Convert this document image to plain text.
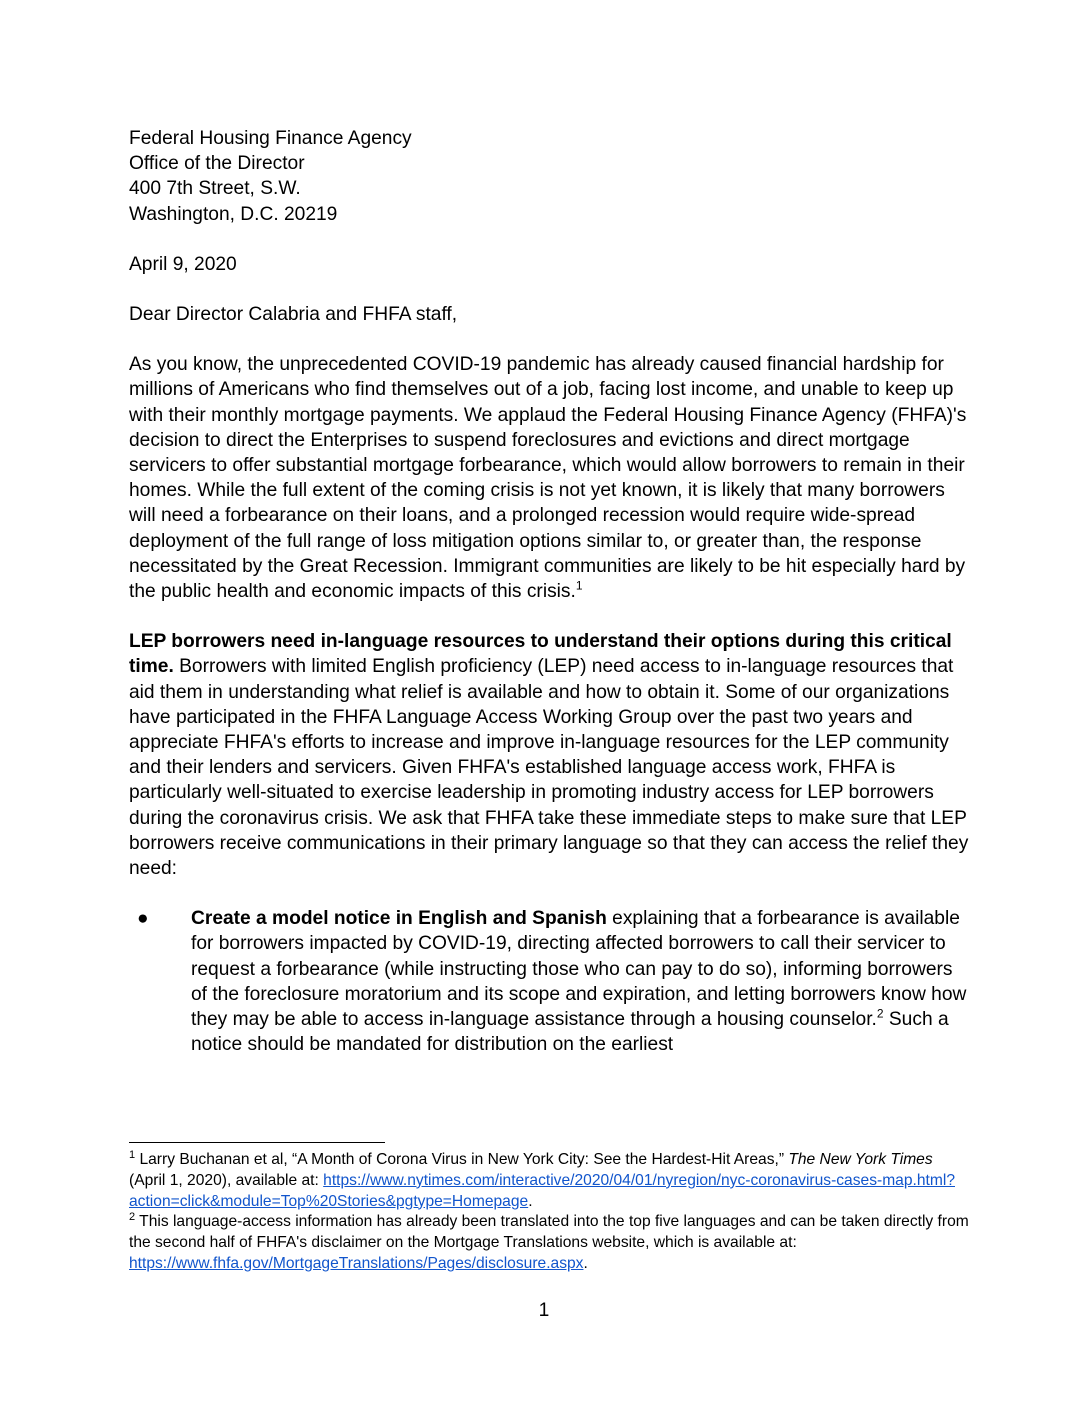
Federal Housing Finance Agency
Office of the Director
400 7th Street, S.W.
Washington, D.C. 20219

April 9, 2020

Dear Director Calabria and FHFA staff,

As you know, the unprecedented COVID-19 pandemic has already caused financial hardship for millions of Americans who find themselves out of a job, facing lost income, and unable to keep up with their monthly mortgage payments. We applaud the Federal Housing Finance Agency (FHFA)'s decision to direct the Enterprises to suspend foreclosures and evictions and direct mortgage servicers to offer substantial mortgage forbearance, which would allow borrowers to remain in their homes. While the full extent of the coming crisis is not yet known, it is likely that many borrowers will need a forbearance on their loans, and a prolonged recession would require wide-spread deployment of the full range of loss mitigation options similar to, or greater than, the response necessitated by the Great Recession. Immigrant communities are likely to be hit especially hard by the public health and economic impacts of this crisis.$^1$

LEP borrowers need in-language resources to understand their options during this critical time. Borrowers with limited English proficiency (LEP) need access to in-language resources that aid them in understanding what relief is available and how to obtain it. Some of our organizations have participated in the FHFA Language Access Working Group over the past two years and appreciate FHFA's efforts to increase and improve in-language resources for the LEP community and their lenders and servicers. Given FHFA's established language access work, FHFA is particularly well-situated to exercise leadership in promoting industry access for LEP borrowers during the coronavirus crisis. We ask that FHFA take these immediate steps to make sure that LEP borrowers receive communications in their primary language so that they can access the relief they need:

● Create a model notice in English and Spanish explaining that a forbearance is available for borrowers impacted by COVID-19, directing affected borrowers to call their servicer to request a forbearance (while instructing those who can pay to do so), informing borrowers of the foreclosure moratorium and its scope and expiration, and letting borrowers know how they may be able to access in-language assistance through a housing counselor.$^2$ Such a notice should be mandated for distribution on the earliest

$^1$ Larry Buchanan et al, “A Month of Corona Virus in New York City: See the Hardest-Hit Areas,” The New York Times (April 1, 2020), available at: https://www.nytimes.com/interactive/2020/04/01/nyregion/nyc-coronavirus-cases-map.html?action=click&module=Top%20Stories&pgtype=Homepage.
$^2$ This language-access information has already been translated into the top five languages and can be taken directly from the second half of FHFA's disclaimer on the Mortgage Translations website, which is available at: https://www.fhfa.gov/MortgageTranslations/Pages/disclosure.aspx.
1
